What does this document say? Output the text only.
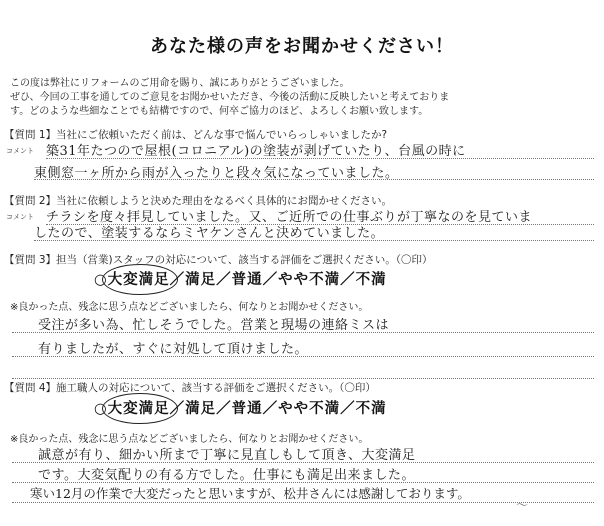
あなた様の声をお聞かせください！
この度は弊社にリフォームのご用命を賜り、誠にありがとうございました。
ぜひ、今回の工事を通してのご意見をお聞かせいただき、今後の活動に反映したいと考えておりま
す。どのような些細なことでも結構ですので、何卒ご協力のほど、よろしくお願い致します。
【質問 1】当社にご依頼いただく前は、どんな事で悩んでいらっしゃいましたか?
コメント 築31年たつので屋根(コロニアル)の塗装が剥げていたり、台風の時に
東側窓一ヶ所から雨が入ったりと段々気になっていました。
【質問 2】当社に依頼しようと決めた理由をなるべく具体的にお聞かせください。
コメント チラシを度々拝見していました。又、ご近所での仕事ぶりが丁寧なのを見ていま
したので、塗装するならミヤケンさんと決めていました。
【質問 3】担当（営業)スタッフの対応について、該当する評価をご選択ください。（〇印）
○大変満足／満足／普通／やや不満／不満
※良かった点、残念に思う点などございましたら、何なりとお聞かせください。
受注が多い為、忙しそうでした。営業と現場の連絡ミスは
有りましたが、すぐに対処して頂けました。
【質問 4】施工職人の対応について、該当する評価をご選択ください。（〇印）
○大変満足／満足／普通／やや不満／不満
※良かった点、残念に思う点などございましたら、何なりとお聞かせください。
誠意が有り、細かい所まで丁寧に見直しもして頂き、大変満足
です。大変気配りの有る方でした。仕事にも満足出来ました。
寒い12月の作業で大変だったと思いますが、松井さんには感謝しております。
〜
